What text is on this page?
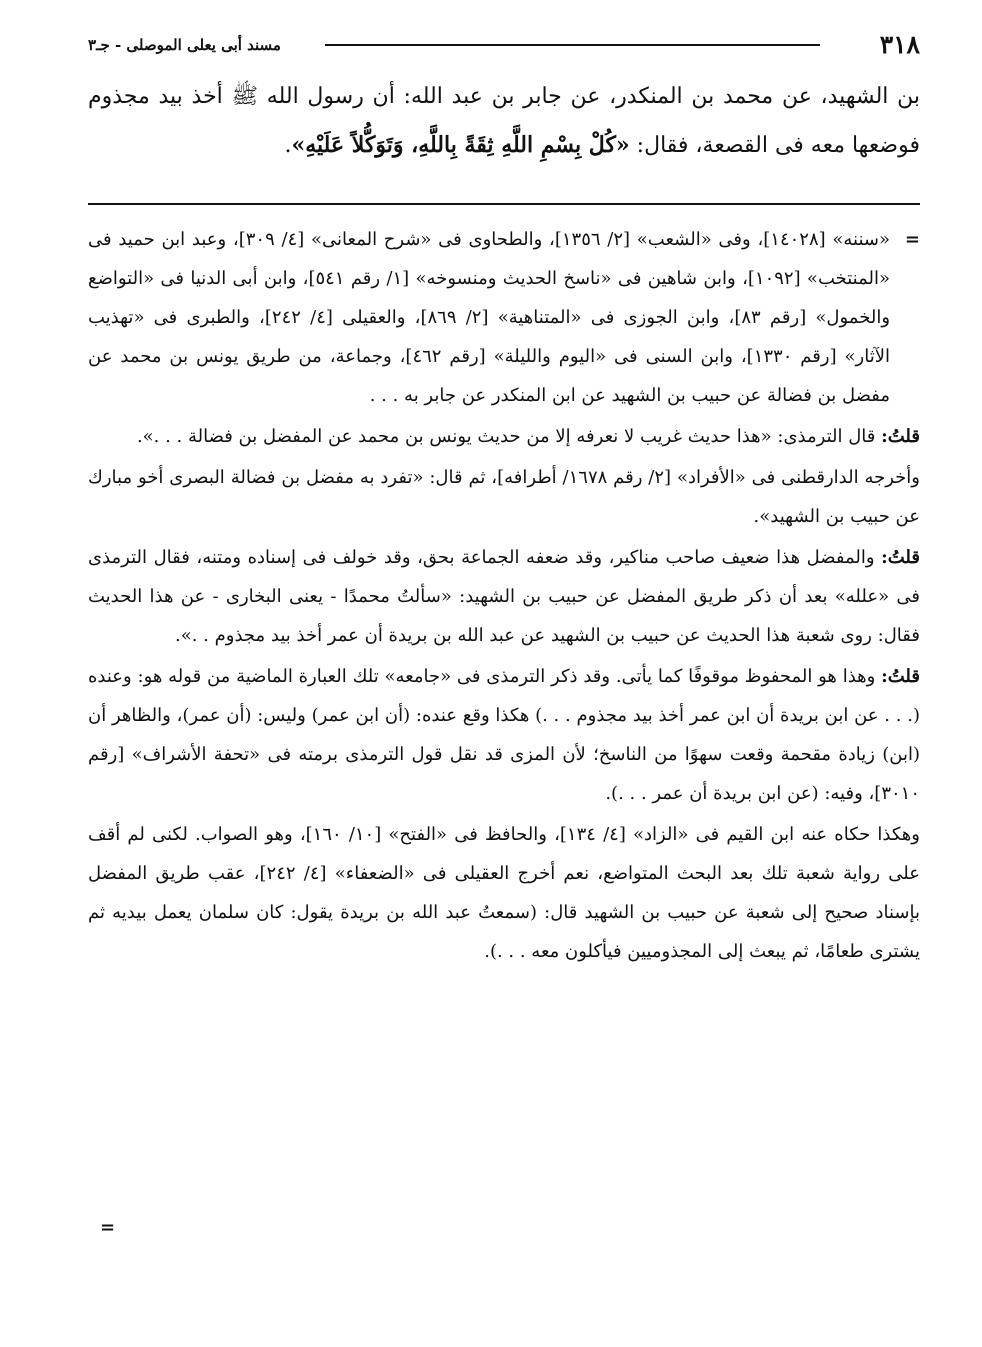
٣١٨
مسند أبى يعلى الموصلى - جـ٣

بن الشهيد، عن محمد بن المنكدر، عن جابر بن عبد الله: أن رسول الله ﷺ أخذ بيد مجذوم فوضعها معه فى القصعة، فقال: «كُلْ بِسْمِ اللَّهِ ثِقَةً بِاللَّهِ، وَتَوَكُّلاً عَلَيْهِ».

=
«سننه» [١٤٠٢٨]، وفى «الشعب» [٢/ ١٣٥٦]، والطحاوى فى «شرح المعانى» [٤/ ٣٠٩]، وعبد ابن حميد فى «المنتخب» [١٠٩٢]، وابن شاهين فى «ناسخ الحديث ومنسوخه» [١/ رقم ٥٤١]، وابن أبى الدنيا فى «التواضع والخمول» [رقم ٨٣]، وابن الجوزى فى «المتناهية» [٢/ ٨٦٩]، والعقيلى [٤/ ٢٤٢]، والطبرى فى «تهذيب الآثار» [رقم ١٣٣٠]، وابن السنى فى «اليوم والليلة» [رقم ٤٦٢]، وجماعة، من طريق يونس بن محمد عن مفضل بن فضالة عن حبيب بن الشهيد عن ابن المنكدر عن جابر به . . .

قلتُ: قال الترمذى: «هذا حديث غريب لا نعرفه إلا من حديث يونس بن محمد عن المفضل بن فضالة . . .».

وأخرجه الدارقطنى فى «الأفراد» [٢/ رقم ١٦٧٨/ أطرافه]، ثم قال: «تفرد به مفضل بن فضالة البصرى أخو مبارك عن حبيب بن الشهيد».

قلتُ: والمفضل هذا ضعيف صاحب مناكير، وقد ضعفه الجماعة بحق، وقد خولف فى إسناده ومتنه، فقال الترمذى فى «علله» بعد أن ذكر طريق المفضل عن حبيب بن الشهيد: «سألتُ محمدًا - يعنى البخارى - عن هذا الحديث فقال: روى شعبة هذا الحديث عن حبيب بن الشهيد عن عبد الله بن بريدة أن عمر أخذ بيد مجذوم . .».

قلتُ: وهذا هو المحفوظ موقوفًا كما يأتى. وقد ذكر الترمذى فى «جامعه» تلك العبارة الماضية من قوله هو: وعنده (. . . عن ابن بريدة أن ابن عمر أخذ بيد مجذوم . . .) هكذا وقع عنده: (أن ابن عمر) وليس: (أن عمر)، والظاهر أن (ابن) زيادة مقحمة وقعت سهوًا من الناسخ؛ لأن المزى قد نقل قول الترمذى برمته فى «تحفة الأشراف» [رقم ٣٠١٠]، وفيه: (عن ابن بريدة أن عمر . . .).

وهكذا حكاه عنه ابن القيم فى «الزاد» [٤/ ١٣٤]، والحافظ فى «الفتح» [١٠/ ١٦٠]، وهو الصواب. لكنى لم أقف على رواية شعبة تلك بعد البحث المتواضع، نعم أخرج العقيلى فى «الضعفاء» [٤/ ٢٤٢]، عقب طريق المفضل بإسناد صحيح إلى شعبة عن حبيب بن الشهيد قال: (سمعتُ عبد الله بن بريدة يقول: كان سلمان يعمل بيديه ثم يشترى طعامًا، ثم يبعث إلى المجذوميين فيأكلون معه . . .).

=
